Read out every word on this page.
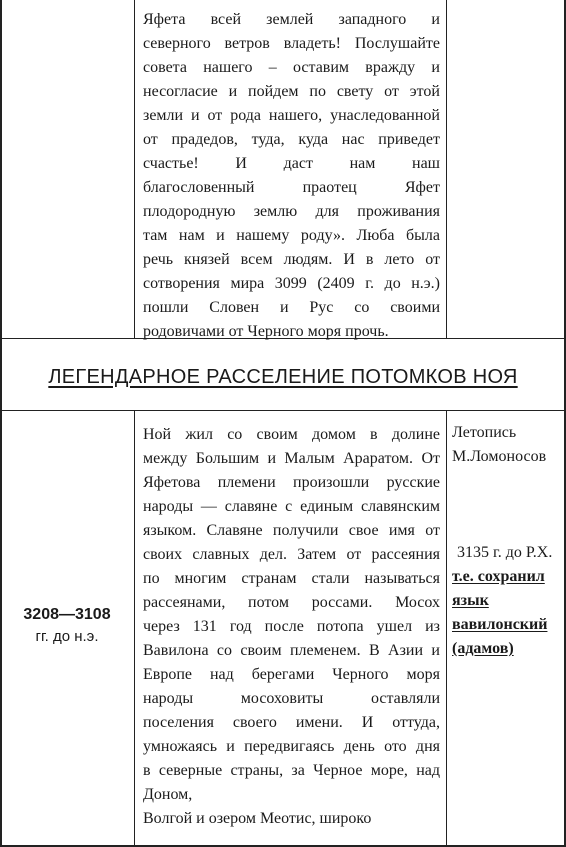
Яфета всей землей западного и
северного ветров владеть! Послушайте
совета нашего – оставим вражду и
несогласие и пойдем по свету от этой
земли и от рода нашего, унаследованной
от прадедов, туда, куда нас приведет
счастье! И даст нам наш
благословенный праотец Яфет
плодородную землю для проживания
там нам и нашему роду». Люба была
речь князей всем людям. И в лето от
сотворения мира 3099 (2409 г. до н.э.)
пошли Словен и Рус со своими
родовичами от Черного моря прочь.
ЛЕГЕНДАРНОЕ РАССЕЛЕНИЕ ПОТОМКОВ НОЯ
3208—3108
гг. до н.э.
Ной жил со своим домом в долине
между Большим и Малым Араратом. От
Яфетова племени произошли русские
народы — славяне с единым славянским
языком. Славяне получили свое имя от
своих славных дел. Затем от рассеяния
по многим странам стали называться
рассеянами, потом россами. Мосох
через 131 год после потопа ушел из
Вавилона со своим племенем. В Азии и
Европе над берегами Черного моря
народы мосоховиты оставляли
поселения своего имени. И оттуда,
умножаясь и передвигаясь день ото дня
в северные страны, за Черное море, над
Доном,
Волгой и озером Меотис, широко
Летопись
М.Ломоносов
3135 г. до Р.Х.
т.е. сохранил
язык
вавилонский
(адамов)
